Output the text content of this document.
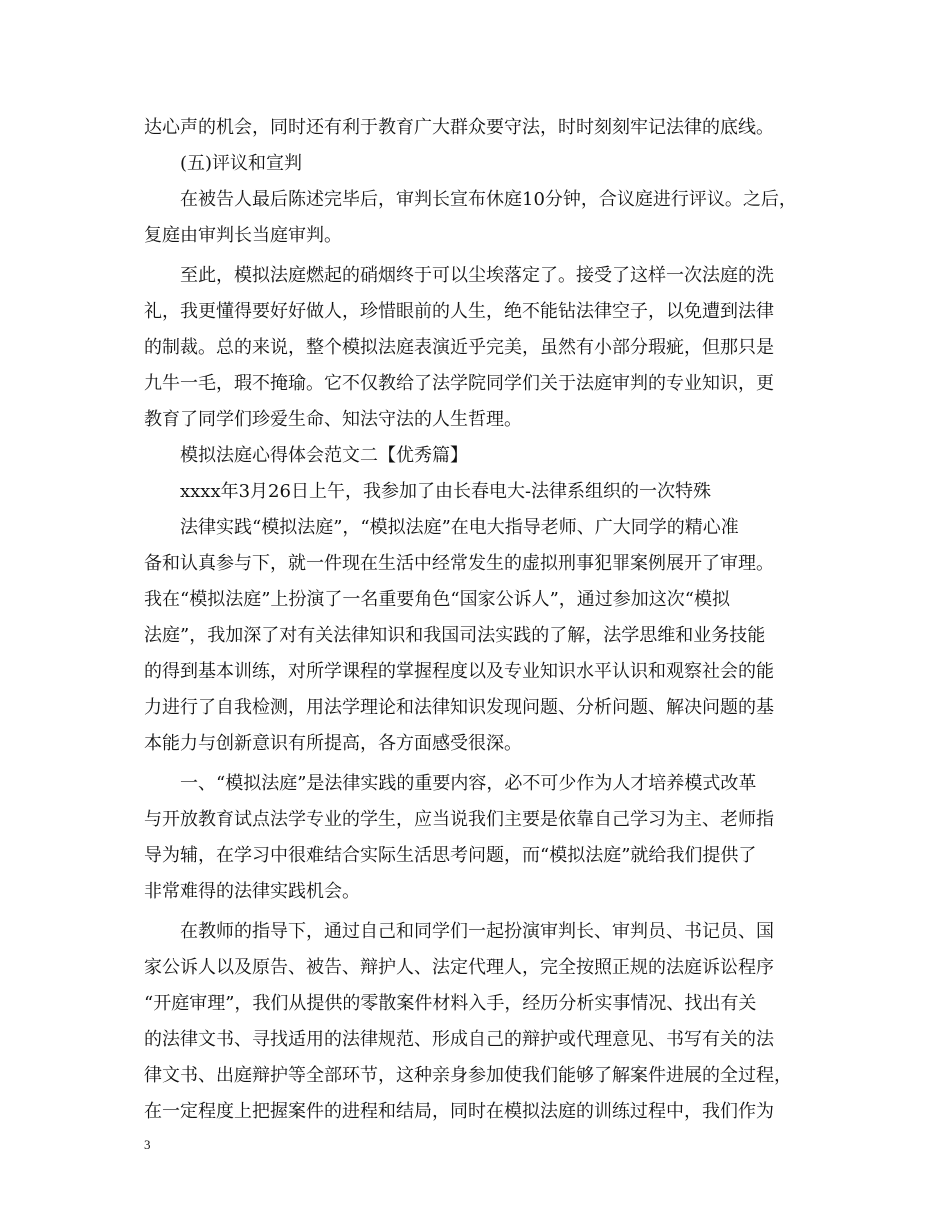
达心声的机会，同时还有利于教育广大群众要守法，时时刻刻牢记法律的底线。
(五)评议和宣判
在被告人最后陈述完毕后，审判长宣布休庭10分钟，合议庭进行评议。之后，
复庭由审判长当庭审判。
至此，模拟法庭燃起的硝烟终于可以尘埃落定了。接受了这样一次法庭的洗
礼，我更懂得要好好做人，珍惜眼前的人生，绝不能钻法律空子，以免遭到法律
的制裁。总的来说，整个模拟法庭表演近乎完美，虽然有小部分瑕疵，但那只是
九牛一毛，瑕不掩瑜。它不仅教给了法学院同学们关于法庭审判的专业知识，更
教育了同学们珍爱生命、知法守法的人生哲理。
模拟法庭心得体会范文二【优秀篇】
xxxx年3月26日上午，我参加了由长春电大-法律系组织的一次特殊
法律实践“模拟法庭”，“模拟法庭”在电大指导老师、广大同学的精心准
备和认真参与下，就一件现在生活中经常发生的虚拟刑事犯罪案例展开了审理。
我在“模拟法庭”上扮演了一名重要角色“国家公诉人”，通过参加这次“模拟
法庭”，我加深了对有关法律知识和我国司法实践的了解，法学思维和业务技能
的得到基本训练，对所学课程的掌握程度以及专业知识水平认识和观察社会的能
力进行了自我检测，用法学理论和法律知识发现问题、分析问题、解决问题的基
本能力与创新意识有所提高，各方面感受很深。
一、“模拟法庭”是法律实践的重要内容，必不可少作为人才培养模式改革
与开放教育试点法学专业的学生，应当说我们主要是依靠自己学习为主、老师指
导为辅，在学习中很难结合实际生活思考问题，而“模拟法庭”就给我们提供了
非常难得的法律实践机会。
在教师的指导下，通过自己和同学们一起扮演审判长、审判员、书记员、国
家公诉人以及原告、被告、辩护人、法定代理人，完全按照正规的法庭诉讼程序
“开庭审理”，我们从提供的零散案件材料入手，经历分析实事情况、找出有关
的法律文书、寻找适用的法律规范、形成自己的辩护或代理意见、书写有关的法
律文书、出庭辩护等全部环节，这种亲身参加使我们能够了解案件进展的全过程，
在一定程度上把握案件的进程和结局，同时在模拟法庭的训练过程中，我们作为
3
